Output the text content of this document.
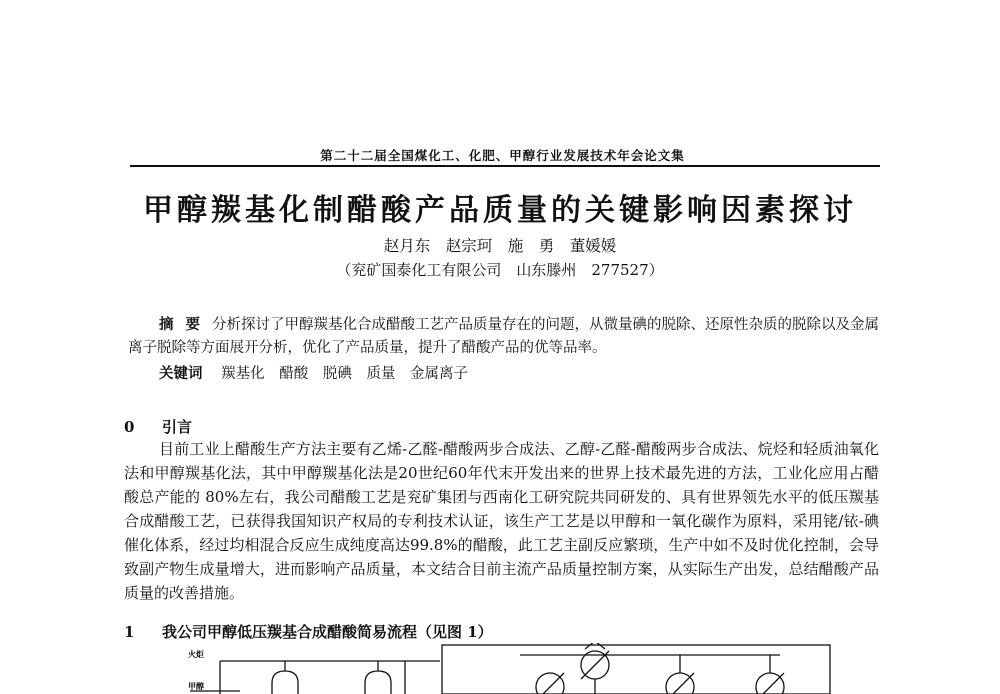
第二十二届全国煤化工、化肥、甲醇行业发展技术年会论文集
甲醇羰基化制醋酸产品质量的关键影响因素探讨
赵月东　赵宗珂　施　勇　董媛媛
（兖矿国泰化工有限公司　山东滕州　277527）
摘要分析探讨了甲醇羰基化合成醋酸工艺产品质量存在的问题，从微量碘的脱除、还原性杂质的脱除以及金属离子脱除等方面展开分析，优化了产品质量，提升了醋酸产品的优等品率。
关键词 羰基化 醋酸 脱碘 质量 金属离子
0 引言
目前工业上醋酸生产方法主要有乙烯-乙醛-醋酸两步合成法、乙醇-乙醛-醋酸两步合成法、烷烃和轻质油氧化法和甲醇羰基化法，其中甲醇羰基化法是20世纪60年代末开发出来的世界上技术最先进的方法，工业化应用占醋酸总产能的 80%左右，我公司醋酸工艺是兖矿集团与西南化工研究院共同研发的、具有世界领先水平的低压羰基合成醋酸工艺，已获得我国知识产权局的专利技术认证，该生产工艺是以甲醇和一氧化碳作为原料，采用铑/铱-碘催化体系，经过均相混合反应生成纯度高达99.8%的醋酸，此工艺主副反应繁琐，生产中如不及时优化控制，会导致副产物生成量增大，进而影响产品质量，本文结合目前主流产品质量控制方案，从实际生产出发，总结醋酸产品质量的改善措施。
1 我公司甲醇低压羰基合成醋酸简易流程（见图 1）
火炬
甲醇
